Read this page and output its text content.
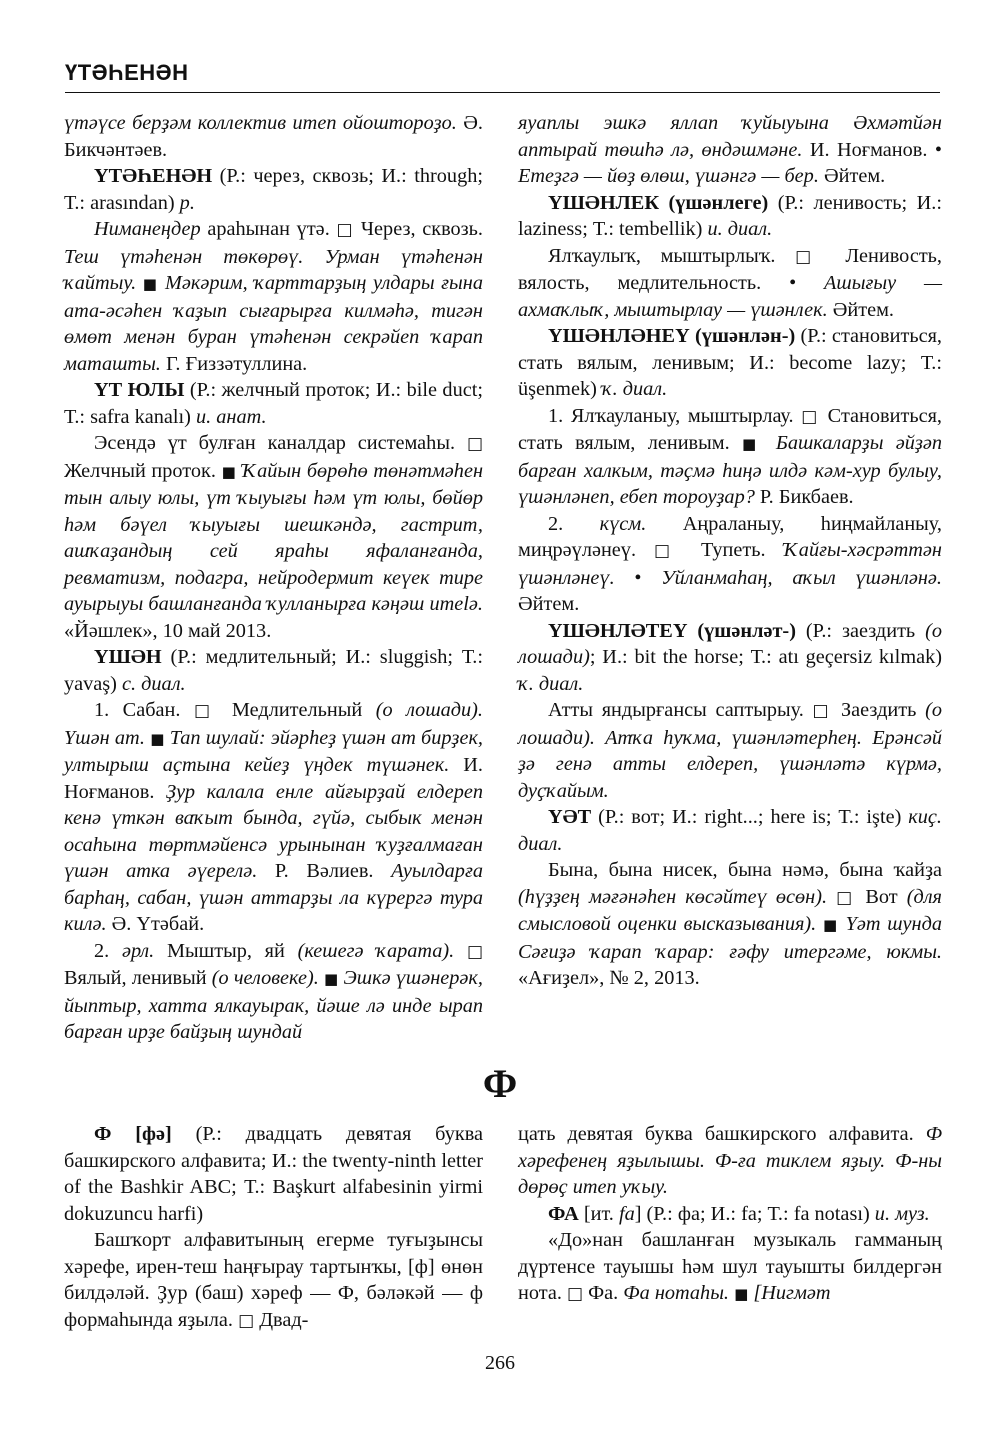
ҮТӘҺЕНӘН

үтәүсе берҙәм коллектив итеп ойоштороҙо. Ә. Бикчәнтәев.

ҮТӘҺЕНӘН (Р.: через, сквозь; И.: through; Т.: arasından) р.

Ниманеңдер араһынан үтә. □ Через, сквозь. Теш үтәһенән төкөрөү. Урман үтәһенән ҡайтыу. ■ Мәкәрим, ҡарттарҙың улдары ғына ата-әсәһен ҡаҙып сығарырға килмәһә, тигән өмөт менән буран үтәһенән секрәйеп ҡарап маташты. Г. Ғиззәтуллина.

ҮТ ЮЛЫ (Р.: желчный проток; И.: bile duct; Т.: safra kanalı) и. анат.

Эсендә үт булған каналдар системаһы. □ Желчный проток. ■ Ҡайын бөрөһө төнәтмәһен тын алыу юлы, үт ҡыуығы һәм үт юлы, бөйөр һәм бәүел ҡыуығы шешкәндә, гастрит, ашҡаҙандың сей яраһы яфаланғанда, ревматизм, подагра, нейродермит кеүек тире ауырыуы башланғанда ҡулланырға кәңәш итеlә. «Йәшлек», 10 май 2013.

ҮШӘН (Р.: медлительный; И.: sluggish; Т.: yavaş) с. диал.

1. Сабан. □ Медлительный (о лошади). Үшән ат. ■ Тап шулай: эйәрһеҙ үшән ат бирҙек, ултырыш аҫтына кейеҙ үңдек түшәнек. И. Ноғманов. Ҙур калала енле айғырҙай елдереп кенә үткән ваҡыт бында, гүйә, сыбык менән осаһына төртмәйенсә урынынан ҡуҙғалмаған үшән атка әүерелә. Р. Вәлиев. Ауылдарға барһаң, сабан, үшән аттарҙы ла күрергә тура килә. Ә. Үтәбай.

2. әрл. Мыштыр, яй (кешегә ҡарата). □ Вялый, ленивый (о человеке). ■ Эшкә үшәнерәк, йыптыр, хатта ялкауырак, йәше лә инде ырап барған ирҙе байҙың шундай

яуаплы эшкә яллап ҡуйыуына Әхмәтйән аптырай төшһә лә, өндәшмәне. И. Ноғманов. • Етеҙгә — йөҙ өлөш, үшәнгә — бер. Әйтем.

ҮШӘНЛЕК (үшәнлеге) (Р.: ленивость; И.: laziness; Т.: tembellik) и. диал.

Ялҡаулыҡ, мыштырлыҡ. □ Ленивость, вялость, медлительность. • Ашығыу — ахмаҡлыҡ, мыштырлау — үшәнлек. Әйтем.

ҮШӘНЛӘНЕҮ (үшәнлән-) (Р.: становиться, стать вялым, ленивым; И.: become lazy; Т.: üşenmek) ҡ. диал.

1. Ялҡауланыу, мыштырлау. □ Становиться, стать вялым, ленивым. ■ Башкаларҙы әйҙәп барған халкым, тәҫмә һиңә илдә кәм-хур булыу, үшәнләнеп, ебеп тороуҙар? Р. Бикбаев.

2. күсм. Аңраланыу, һиңмайланыу, миңрәүләнеү. □ Тупеть. Ҡайғы-хәсрәттән үшәнләнеү. • Уйланмаһаң, аҡыл үшәнләнә. Әйтем.

ҮШӘНЛӘТЕҮ (үшәнләт-) (Р.: заездить (о лошади); И.: bit the horse; Т.: atı geçersiz kılmak) ҡ. диал.

Атты яндырғансы саптырыу. □ Заездить (о лошади). Атҡа һуҡма, үшәнләтерһең. Ерәнсәй ҙә генә атты елдереп, үшәнләтә күрмә, дуҫҡайым.

ҮӘТ (Р.: вот; И.: right...; here is; Т.: işte) киҫ. диал.

Бына, бына нисек, бына нәмә, бына ҡайҙа (һүҙҙең мәғәнәһен көсәйтеү өсөн). □ Вот (для смысловой оценки высказывания). ■ Үәт шунда Сәғиҙә ҡарап ҡарар: ғәфу итергәме, юкмы. «Ағиҙел», № 2, 2013.

Ф

Ф [фә] (Р.: двадцать девятая буква башкирского алфавита; И.: the twenty-ninth letter of the Bashkir ABC; Т.: Başkurt alfabesinin yirmi dokuzuncu harfi)

Башҡорт алфавитының егерме туғыҙынсы хәрефе, ирен-теш һаңғырау тартынҡы, [ф] өнөн билдәләй. Ҙур (баш) хәреф — Ф, бәләкәй — ф формаһында яҙыла. □ Двад-

цать девятая буква башкирского алфавита. Ф хәрефенең яҙылышы. Ф-ға тиклем яҙыу. Ф-ны дөрөҫ итеп уҡыу.

ФА [ит. fa] (Р.: фа; И.: fa; Т.: fa notası) и. муз.

«До»нан башланған музыкаль гамманың дүртенсе тауышы һәм шул тауышты билдергән нота. □ Фа. Фа нотаһы. ■ [Нигмәт

266
